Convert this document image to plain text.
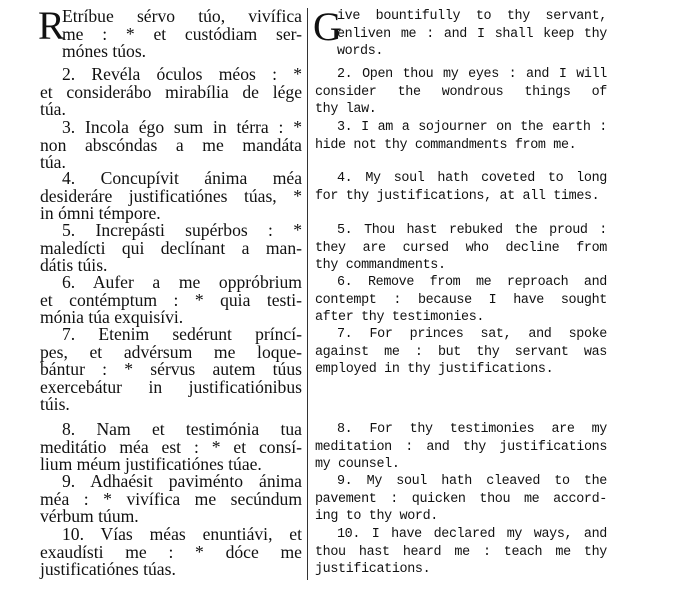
R

Etríbue sérvo túo, vivífica
me : * et custódiam ser-
mónes túos.

2. Revéla óculos méos : *
et considerábo mirabília de lége
túa.

3. Incola égo sum in térra : *
non abscóndas a me mandáta
túa.

4. Concupívit ánima méa
desideráre justificatiónes túas, *
in ómni témpore.

5. Increpásti supérbos : *
maledícti qui declínant a man-
dátis túis.

6. Aufer a me oppróbrium
et contémptum : * quia testi-
mónia túa exquisívi.

7. Etenim sedérunt príncí-
pes, et advérsum me loque-
bántur : * sérvus autem túus
exercebátur in justificatiónibus
túis.

8. Nam et testimónia tua
meditátio méa est : * et consí-
lium méum justificatiónes túae.

9. Adhaésit paviménto ánima
méa : * vivífica me secúndum
vérbum túum.

10. Vías méas enuntiávi, et
exaudísti me : * dóce me
justificatiónes túas.

G

ive bountifully to thy servant,
enliven me : and I shall keep thy
words.

2. Open thou my eyes : and I will
consider the wondrous things of
thy law.

3. I am a sojourner on the earth :
hide not thy commandments from me.

4. My soul hath coveted to long
for thy justifications, at all times.

5. Thou hast rebuked the proud :
they are cursed who decline from
thy commandments.

6. Remove from me reproach and
contempt : because I have sought
after thy testimonies.

7. For princes sat, and spoke
against me : but thy servant was
employed in thy justifications.

8. For thy testimonies are my
meditation : and thy justifications
my counsel.

9. My soul hath cleaved to the
pavement : quicken thou me accord-
ing to thy word.

10. I have declared my ways, and
thou hast heard me : teach me thy
justifications.
